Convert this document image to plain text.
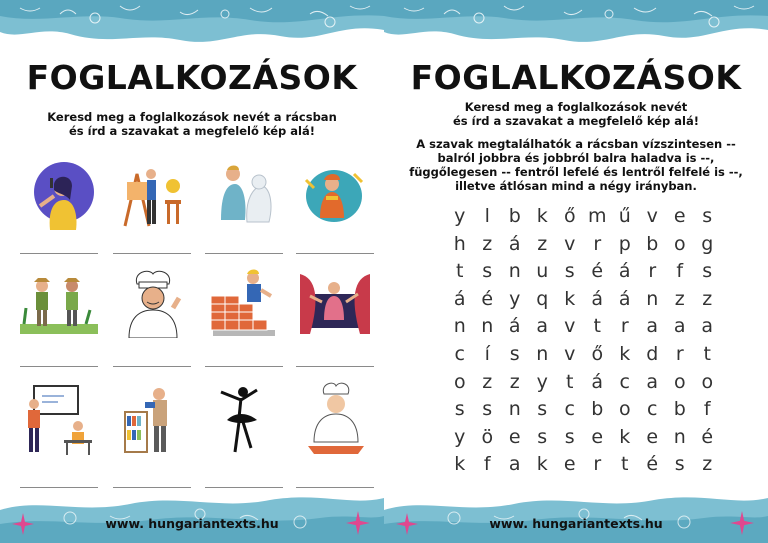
FOGLALKOZÁSOK
Keresd meg a foglalkozások nevét a rácsban
és írd a szavakat a megfelelő kép alá!
www. hungariantexts.hu
FOGLALKOZÁSOK
Keresd meg a foglalkozások nevét
és írd a szavakat a megfelelő kép alá!
A szavak megtalálhatók a rácsban vízszintesen --
balról jobbra és jobbról balra haladva is --,
függőlegesen -- fentről lefelé és lentről felfelé is --,
illetve átlósan mind a négy irányban.
www. hungariantexts.hu
y	l b k ő m ű v e s
h z á z v r p b o g
t s n u s é á r	f	s
á é y q k á á n z z
n n á a v t	r a a a
c	í	s n v ő k d r	t
o z z y t á c a o o
s s n s c b o c b f
y ö e s s e k e n é
k f a k e r	t é s z
